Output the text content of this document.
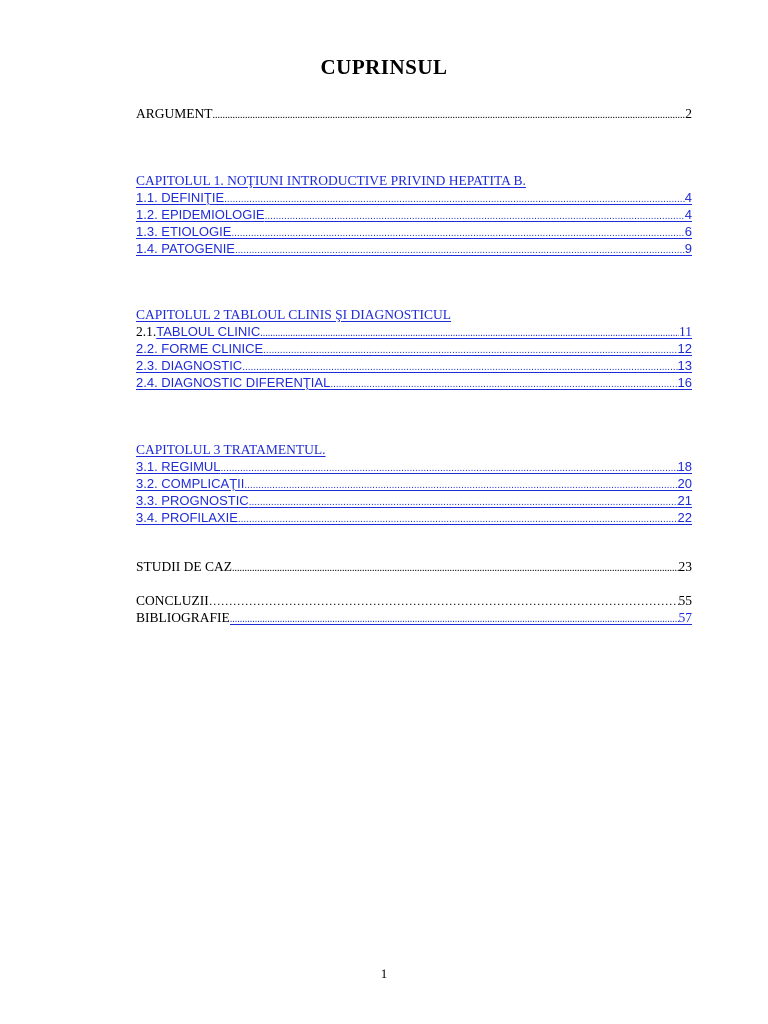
CUPRINSUL
ARGUMENT .....	2
CAPITOLUL 1. NOŢIUNI INTRODUCTIVE PRIVIND HEPATITA B.
1.1. DEFINIŢIE .....	4
1.2. EPIDEMIOLOGIE .....	4
1.3. ETIOLOGIE .....	6
1.4. PATOGENIE .....	9
CAPITOLUL 2 TABLOUL CLINIS ŞI DIAGNOSTICUL
2.1. TABLOUL CLINIC .....	11
2.2. FORME CLINICE .....	12
2.3. DIAGNOSTIC .....	13
2.4. DIAGNOSTIC DIFERENŢIAL .....	16
CAPITOLUL 3 TRATAMENTUL.
3.1. REGIMUL .....	18
3.2. COMPLICAŢII .....	20
3.3. PROGNOSTIC .....	21
3.4. PROFILAXIE .....	22
STUDII DE CAZ .....	23
CONCLUZII …………………………………………………………………………………………………………………………………………………………………………	55
BIBLIOGRAFIE .....	57
1
